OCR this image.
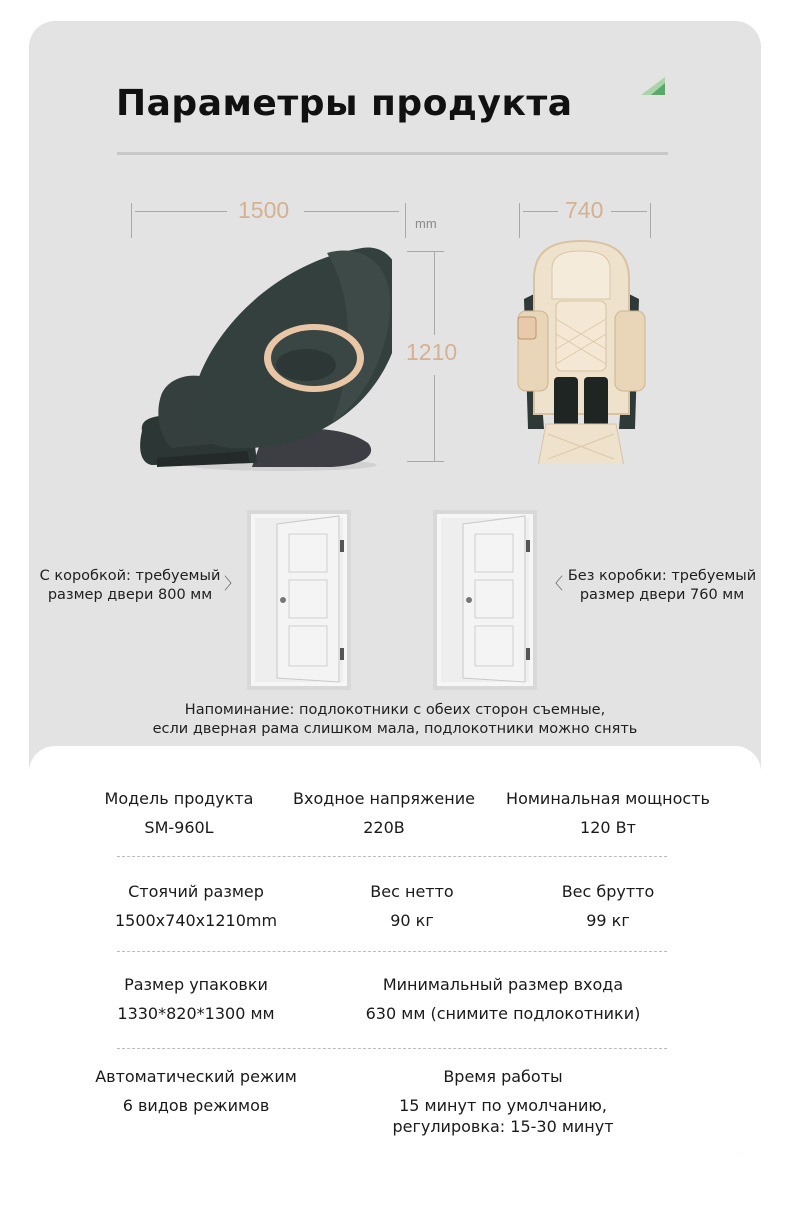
Параметры продукта
1500
mm
740
1210
С коробкой: требуемый размер двери 800 мм
〉	〈 Без коробки: требуемый размер двери 760 мм
Напоминание: подлокотники с обеих сторон съемные,
если дверная рама слишком мала, подлокотники можно снять
Модель продукта
SM-960L
Входное напряжение
220В
Номинальная мощность
120 Вт
Стоячий размер
1500x740x1210mm
Вес нетто
90 кг
Вес брутто
99 кг
Размер упаковки
1330*820*1300 мм
Минимальный размер входа
630 мм (снимите подлокотники)
Автоматический режим
6 видов режимов
Время работы
15 минут по умолчанию,
регулировка: 15-30 минут
